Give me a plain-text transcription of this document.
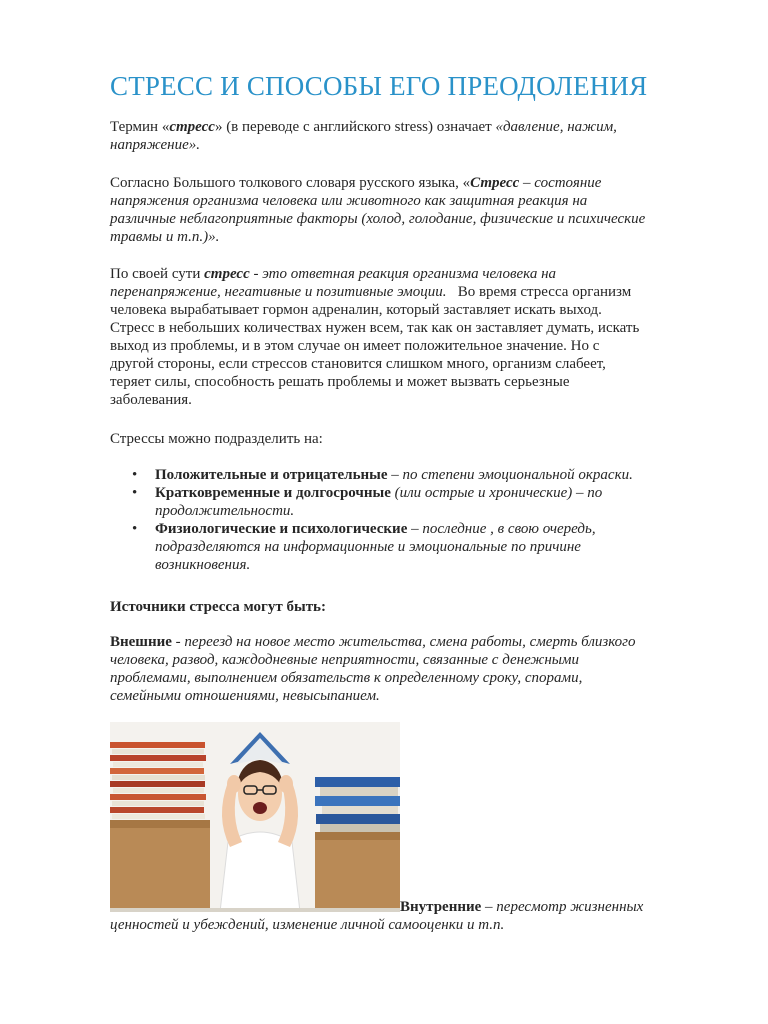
СТРЕСС И СПОСОБЫ ЕГО ПРЕОДОЛЕНИЯ

Термин «стресс» (в переводе с английского stress) означает «давление, нажим,

напряжение».

Согласно Большого толкового словаря русского языка, «Стресс – состояние

напряжения организма человека или животного как защитная реакция на

различные неблагоприятные факторы (холод, голодание, физические и психические

травмы и т.п.)».

По своей сути стресс - это ответная реакция организма человека на

перенапряжение, негативные и позитивные эмоции.   Во время стресса организм

человека вырабатывает гормон адреналин, который заставляет искать выход.

Стресс в небольших количествах нужен всем, так как он заставляет думать, искать

выход из проблемы, и в этом случае он имеет положительное значение. Но с

другой стороны, если стрессов становится слишком много, организм слабеет,

теряет силы, способность решать проблемы и может вызвать серьезные

заболевания.

Стрессы можно подразделить на:

• Положительные и отрицательные – по степени эмоциональной окраски.
• Кратковременные и долгосрочные (или острые и хронические) – по
продолжительности.
• Физиологические и психологические – последние , в свою очередь,
подразделяются на информационные и эмоциональные по причине
возникновения.

Источники стресса могут быть:

Внешние - переезд на новое место жительства, смена работы, смерть близкого

человека, развод, каждодневные неприятности, связанные с денежными

проблемами, выполнением обязательств к определенному сроку, спорами,

семейными отношениями, невысыпанием.

Внутренние – пересмотр жизненных

ценностей и убеждений, изменение личной самооценки и т.п.
